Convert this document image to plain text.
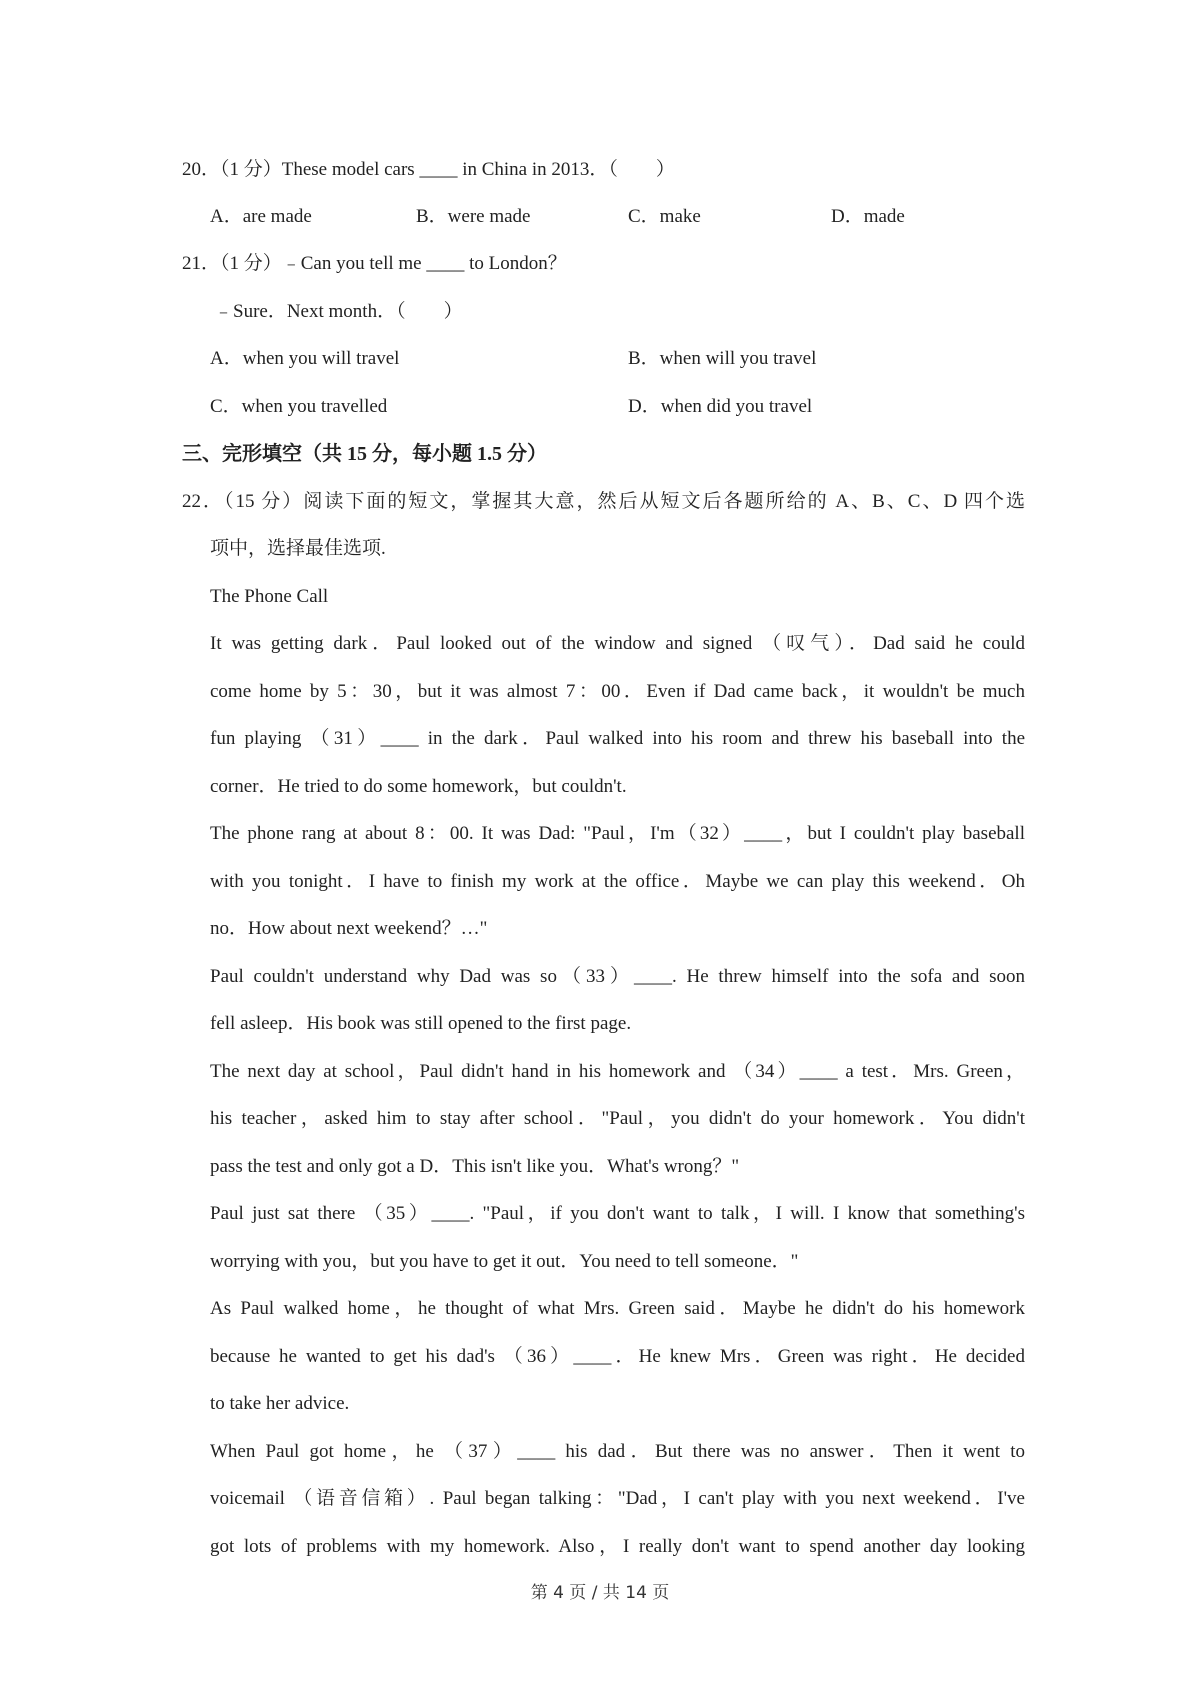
20．（1 分）These model cars ____ in China in 2013．（　　）
A．are made	B．were made	C．make	D．made
21．（1 分）﹣Can you tell me ____ to London？
﹣Sure．Next month．（　　）
A．when you will travel	B．when will you travel
C．when you travelled	D．when did you travel
三、完形填空（共 15 分，每小题 1.5 分）
22．（15 分）阅读下面的短文，掌握其大意，然后从短文后各题所给的 A、B、C、D 四个选
项中，选择最佳选项.
The Phone Call
It was getting dark．Paul looked out of the window and signed （叹气）．Dad said he could
come home by 5：30，but it was almost 7：00．Even if Dad came back，it wouldn't be much
fun playing （31）____ in the dark．Paul walked into his room and threw his baseball into the
corner．He tried to do some homework，but couldn't.
The phone rang at about 8：00. It was Dad: "Paul，I'm（32）____，but I couldn't play baseball
with you tonight．I have to finish my work at the office．Maybe we can play this weekend．Oh
no．How about next weekend？…"
Paul couldn't understand why Dad was so（33）____. He threw himself into the sofa and soon
fell asleep．His book was still opened to the first page.
The next day at school，Paul didn't hand in his homework and （34）____ a test．Mrs. Green，
his teacher，asked him to stay after school．"Paul，you didn't do your homework．You didn't
pass the test and only got a D．This isn't like you．What's wrong？"
Paul just sat there （35）____. "Paul，if you don't want to talk，I will. I know that something's
worrying with you，but you have to get it out．You need to tell someone．"
As Paul walked home，he thought of what Mrs. Green said．Maybe he didn't do his homework
because he wanted to get his dad's （36）____．He knew Mrs．Green was right．He decided
to take her advice.
When Paul got home，he （37）____ his dad．But there was no answer．Then it went to
voicemail （语音信箱）. Paul began talking："Dad，I can't play with you next weekend．I've
got lots of problems with my homework. Also，I really don't want to spend another day looking
第 4 页 / 共 14 页
